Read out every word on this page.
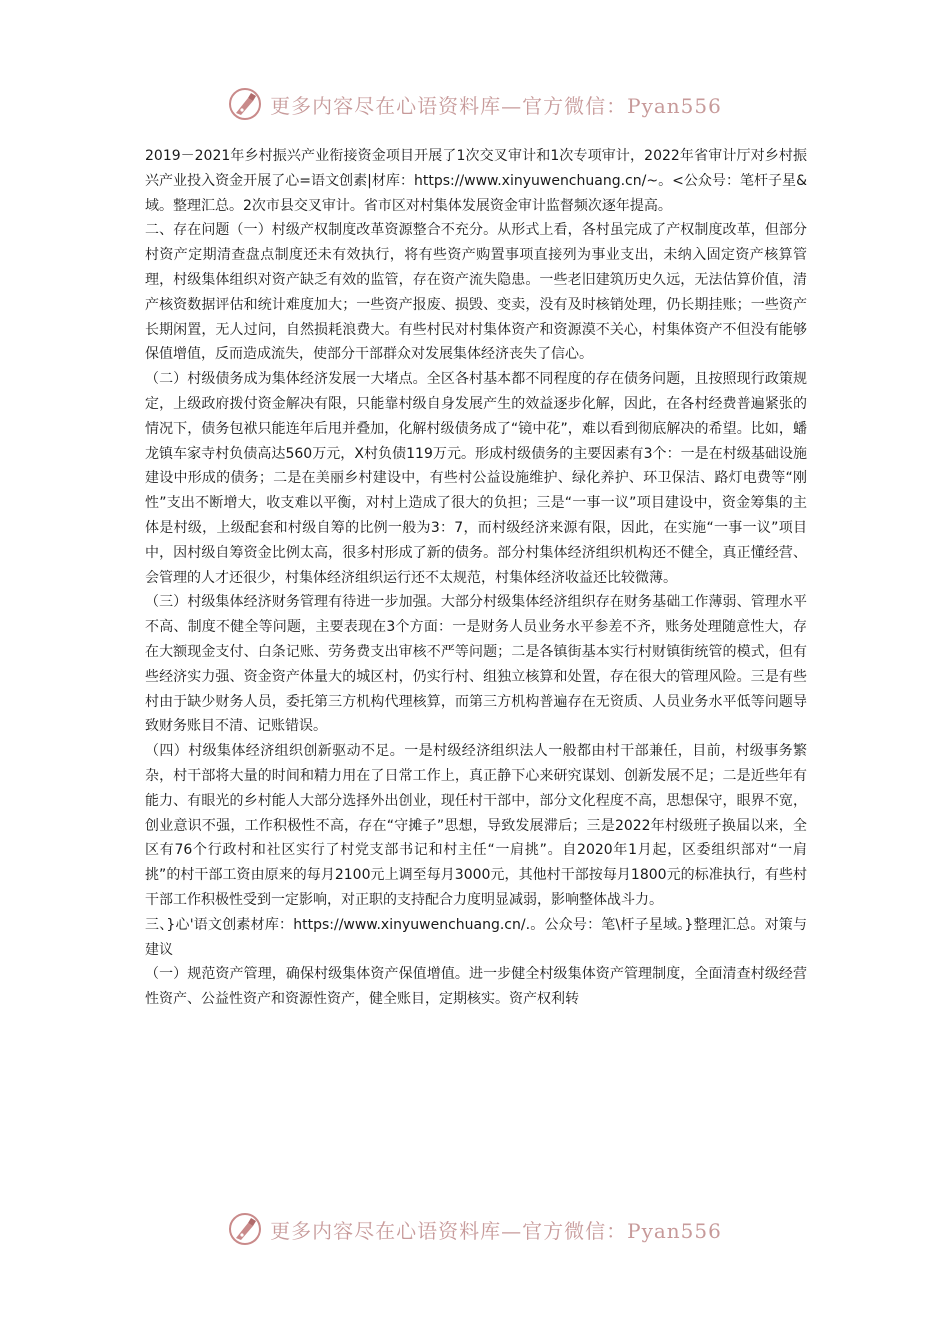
更多内容尽在心语资料库—官方微信：Pyan556

2019－2021年乡村振兴产业衔接资金项目开展了1次交叉审计和1次专项审计，2022年省审计厅对乡村振兴产业投入资金开展了心=语文创素|材库：https://www.xinyuwenchuang.cn/~。<公众号：笔杆子星&域。整理汇总。2次市县交叉审计。省市区对村集体发展资金审计监督频次逐年提高。

二、存在问题（一）村级产权制度改革资源整合不充分。从形式上看，各村虽完成了产权制度改革，但部分村资产定期清查盘点制度还未有效执行，将有些资产购置事项直接列为事业支出，未纳入固定资产核算管理，村级集体组织对资产缺乏有效的监管，存在资产流失隐患。一些老旧建筑历史久远，无法估算价值，清产核资数据评估和统计难度加大；一些资产报废、损毁、变卖，没有及时核销处理，仍长期挂账；一些资产长期闲置，无人过问，自然损耗浪费大。有些村民对村集体资产和资源漠不关心，村集体资产不但没有能够保值增值，反而造成流失，使部分干部群众对发展集体经济丧失了信心。

（二）村级债务成为集体经济发展一大堵点。全区各村基本都不同程度的存在债务问题，且按照现行政策规定，上级政府拨付资金解决有限，只能靠村级自身发展产生的效益逐步化解，因此，在各村经费普遍紧张的情况下，债务包袱只能连年后甩并叠加，化解村级债务成了“镜中花”，难以看到彻底解决的希望。比如，蟠龙镇车家寺村负债高达560万元，X村负债119万元。形成村级债务的主要因素有3个：一是在村级基础设施建设中形成的债务；二是在美丽乡村建设中，有些村公益设施维护、绿化养护、环卫保洁、路灯电费等“刚性”支出不断增大，收支难以平衡，对村上造成了很大的负担；三是“一事一议”项目建设中，资金筹集的主体是村级，上级配套和村级自筹的比例一般为3：7，而村级经济来源有限，因此，在实施“一事一议”项目中，因村级自筹资金比例太高，很多村形成了新的债务。部分村集体经济组织机构还不健全，真正懂经营、会管理的人才还很少，村集体经济组织运行还不太规范，村集体经济收益还比较微薄。

（三）村级集体经济财务管理有待进一步加强。大部分村级集体经济组织存在财务基础工作薄弱、管理水平不高、制度不健全等问题，主要表现在3个方面：一是财务人员业务水平参差不齐，账务处理随意性大，存在大额现金支付、白条记账、劳务费支出审核不严等问题；二是各镇街基本实行村财镇街统管的模式，但有些经济实力强、资金资产体量大的城区村，仍实行村、组独立核算和处置，存在很大的管理风险。三是有些村由于缺少财务人员，委托第三方机构代理核算，而第三方机构普遍存在无资质、人员业务水平低等问题导致财务账目不清、记账错误。

（四）村级集体经济组织创新驱动不足。一是村级经济组织法人一般都由村干部兼任，目前，村级事务繁杂，村干部将大量的时间和精力用在了日常工作上，真正静下心来研究谋划、创新发展不足；二是近些年有能力、有眼光的乡村能人大部分选择外出创业，现任村干部中，部分文化程度不高，思想保守，眼界不宽，创业意识不强，工作积极性不高，存在“守摊子”思想，导致发展滞后；三是2022年村级班子换届以来，全区有76个行政村和社区实行了村党支部书记和村主任“一肩挑”。自2020年1月起，区委组织部对“一肩挑”的村干部工资由原来的每月2100元上调至每月3000元，其他村干部按每月1800元的标准执行，有些村干部工作积极性受到一定影响，对正职的支持配合力度明显减弱，影响整体战斗力。

三、}心'语文创素材库：https://www.xinyuwenchuang.cn/.。公众号：笔\杆子星域。}整理汇总。对策与建议

（一）规范资产管理，确保村级集体资产保值增值。进一步健全村级集体资产管理制度，全面清查村级经营性资产、公益性资产和资源性资产，健全账目，定期核实。资产权利转

更多内容尽在心语资料库—官方微信：Pyan556
